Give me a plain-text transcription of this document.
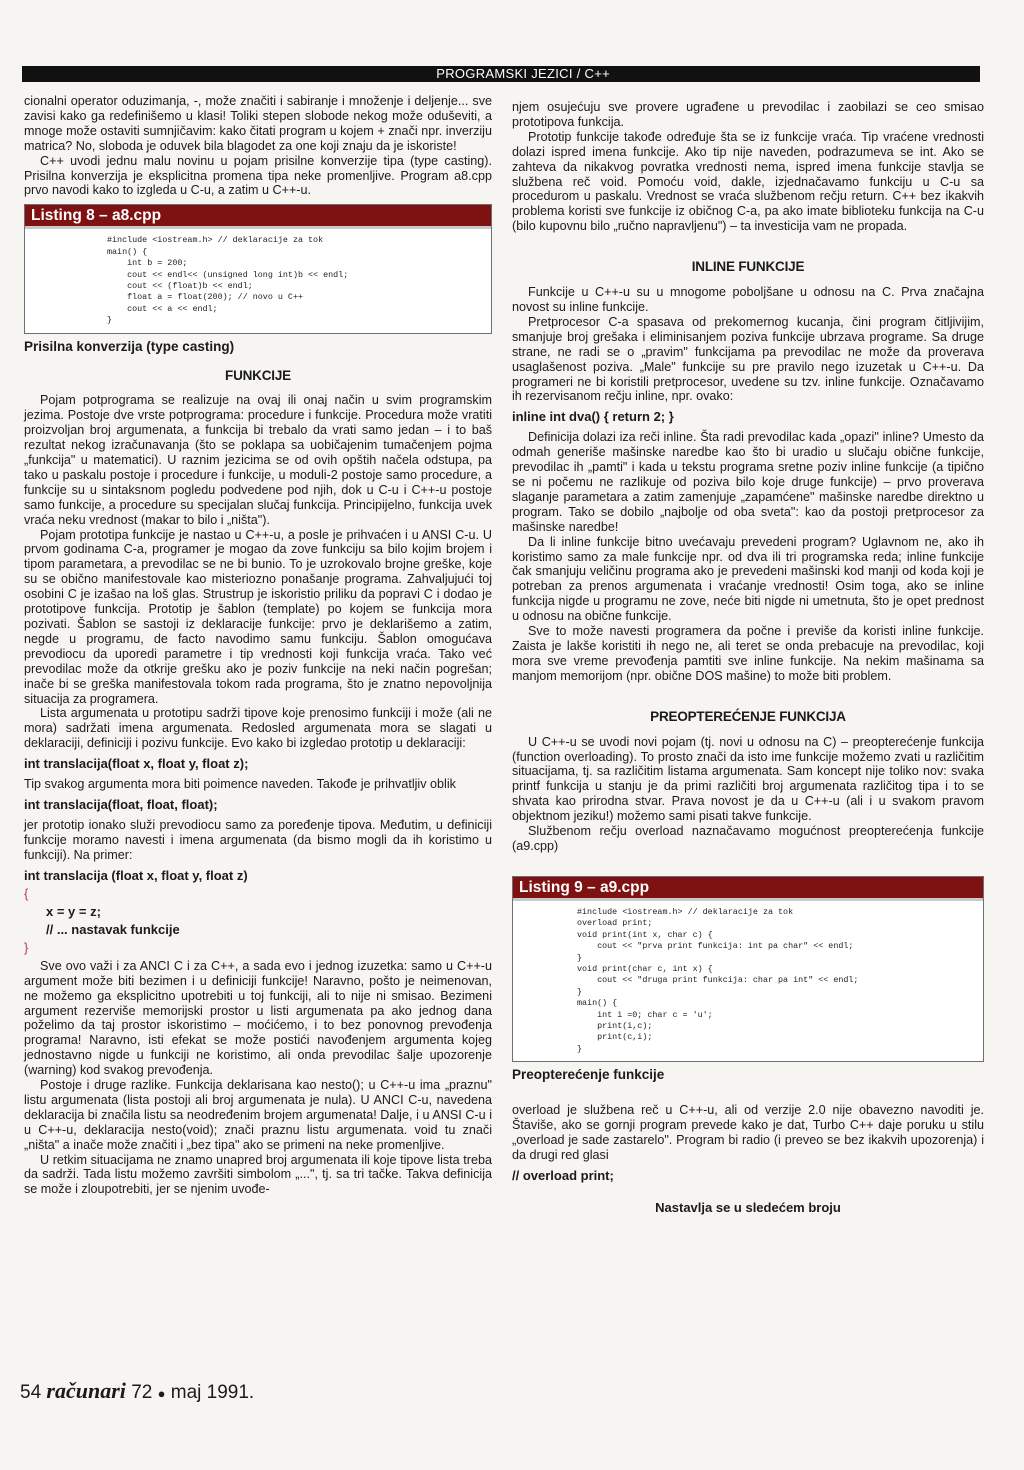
PROGRAMSKI JEZICI / C++

cionalni operator oduzimanja, -, može značiti i sabiranje i množenje i deljenje... sve zavisi kako ga redefinišemo u klasi! Toliki stepen slobode nekog može oduševiti, a mnoge može ostaviti sumnjičavim: kako čitati program u kojem + znači npr. inverziju matrica? No, sloboda je oduvek bila blagodet za one koji znaju da je iskoriste!

C++ uvodi jednu malu novinu u pojam prisilne konverzije tipa (type casting). Prisilna konverzija je eksplicitna promena tipa neke promenljive. Program a8.cpp prvo navodi kako to izgleda u C-u, a zatim u C++-u.

Listing 8 – a8.cpp
#include <iostream.h> // deklaracije za tok
main() {
int b = 200;
cout << endl<< (unsigned long int)b << endl;
cout << (float)b << endl;
float a = float(200); // novo u C++
cout << a << endl;
}
Prisilna konverzija (type casting)
FUNKCIJE

Pojam potprograma se realizuje na ovaj ili onaj način u svim programskim jezima. Postoje dve vrste potprograma: procedure i funkcije. Procedura može vratiti proizvoljan broj argumenata, a funkcija bi trebalo da vrati samo jedan – i to baš rezultat nekog izračunavanja (što se poklapa sa uobičajenim tumačenjem pojma „funkcija" u matematici). U raznim jezicima se od ovih opštih načela odstupa, pa tako u paskalu postoje i procedure i funkcije, u moduli-2 postoje samo procedure, a funkcije su u sintaksnom pogledu podvedene pod njih, dok u C-u i C++-u postoje samo funkcije, a procedure su specijalan slučaj funkcija. Principijelno, funkcija uvek vraća neku vrednost (makar to bilo i „ništa").

Pojam prototipa funkcije je nastao u C++-u, a posle je prihvaćen i u ANSI C-u. U prvom godinama C-a, programer je mogao da zove funkciju sa bilo kojim brojem i tipom parametara, a prevodilac se ne bi bunio. To je uzrokovalo brojne greške, koje su se obično manifestovale kao misteriozno ponašanje programa. Zahvaljujući toj osobini C je izašao na loš glas. Strustrup je iskoristio priliku da popravi C i dodao je prototipove funkcija. Prototip je šablon (template) po kojem se funkcija mora pozivati. Šablon se sastoji iz deklaracije funkcije: prvo je deklarišemo a zatim, negde u programu, de facto navodimo samu funkciju. Šablon omogućava prevodiocu da uporedi parametre i tip vrednosti koji funkcija vraća. Tako već prevodilac može da otkrije grešku ako je poziv funkcije na neki način pogrešan; inače bi se greška manifestovala tokom rada programa, što je znatno nepovoljnija situacija za programera.

Lista argumenata u prototipu sadrži tipove koje prenosimo funkciji i može (ali ne mora) sadržati imena argumenata. Redosled argumenata mora se slagati u deklaraciji, definiciji i pozivu funkcije. Evo kako bi izgledao prototip u deklaraciji:

int translacija(float x, float y, float z);

Tip svakog argumenta mora biti poimence naveden. Takođe je prihvatljiv oblik

int translacija(float, float, float);

jer prototip ionako služi prevodiocu samo za poređenje tipova. Međutim, u definiciji funkcije moramo navesti i imena argumenata (da bismo mogli da ih koristimo u funkciji). Na primer:

int translacija (float x, float y, float z)
{
x = y = z;
// ... nastavak funkcije
}

Sve ovo važi i za ANCI C i za C++, a sada evo i jednog izuzetka: samo u C++-u argument može biti bezimen i u definiciji funkcije! Naravno, pošto je neimenovan, ne možemo ga eksplicitno upotrebiti u toj funkciji, ali to nije ni smisao. Bezimeni argument rezerviše memorijski prostor u listi argumenata pa ako jednog dana poželimo da taj prostor iskoristimo – moćićemo, i to bez ponovnog prevođenja programa! Naravno, isti efekat se može postići navođenjem argumenta kojeg jednostavno nigde u funkciji ne koristimo, ali onda prevodilac šalje upozorenje (warning) kod svakog prevođenja.

Postoje i druge razlike. Funkcija deklarisana kao nesto(); u C++-u ima „praznu" listu argumenata (lista postoji ali broj argumenata je nula). U ANCI C-u, navedena deklaracija bi značila listu sa neodređenim brojem argumenata! Dalje, i u ANSI C-u i u C++-u, deklaracija nesto(void); znači praznu listu argumenata. void tu znači „ništa" a inače može značiti i „bez tipa" ako se primeni na neke promenljive.

U retkim situacijama ne znamo unapred broj argumenata ili koje tipove lista treba da sadrži. Tada listu možemo završiti simbolom „...", tj. sa tri tačke. Takva definicija se može i zloupotrebiti, jer se njenim uvođe-

njem osujećuju sve provere ugrađene u prevodilac i zaobilazi se ceo smisao prototipova funkcija.

Prototip funkcije takođe određuje šta se iz funkcije vraća. Tip vraćene vrednosti dolazi ispred imena funkcije. Ako tip nije naveden, podrazumeva se int. Ako se zahteva da nikakvog povratka vrednosti nema, ispred imena funkcije stavlja se službena reč void. Pomoću void, dakle, izjednačavamo funkciju u C-u sa procedurom u paskalu. Vrednost se vraća službenom rečju return. C++ bez ikakvih problema koristi sve funkcije iz običnog C-a, pa ako imate biblioteku funkcija na C-u (bilo kupovnu bilo „ručno napravljenu") – ta investicija vam ne propada.

INLINE FUNKCIJE

Funkcije u C++-u su u mnogome poboljšane u odnosu na C. Prva značajna novost su inline funkcije.

Pretprocesor C-a spasava od prekomernog kucanja, čini program čitljivijim, smanjuje broj grešaka i eliminisanjem poziva funkcije ubrzava programe. Sa druge strane, ne radi se o „pravim" funkcijama pa prevodilac ne može da proverava usaglašenost poziva. „Male" funkcije su pre pravilo nego izuzetak u C++-u. Da programeri ne bi koristili pretprocesor, uvedene su tzv. inline funkcije. Označavamo ih rezervisanom rečju inline, npr. ovako:

inline int dva() { return 2; }

Definicija dolazi iza reči inline. Šta radi prevodilac kada „opazi" inline? Umesto da odmah generiše mašinske naredbe kao što bi uradio u slučaju obične funkcije, prevodilac ih „pamti" i kada u tekstu programa sretne poziv inline funkcije (a tipično se ni počemu ne razlikuje od poziva bilo koje druge funkcije) – prvo proverava slaganje parametara a zatim zamenjuje „zapamćene" mašinske naredbe direktno u program. Tako se dobilo „najbolje od oba sveta": kao da postoji pretprocesor za mašinske naredbe!

Da li inline funkcije bitno uvećavaju prevedeni program? Uglavnom ne, ako ih koristimo samo za male funkcije npr. od dva ili tri programska reda; inline funkcije čak smanjuju veličinu programa ako je prevedeni mašinski kod manji od koda koji je potreban za prenos argumenata i vraćanje vrednosti! Osim toga, ako se inline funkcija nigde u programu ne zove, neće biti nigde ni umetnuta, što je opet prednost u odnosu na obične funkcije.

Sve to može navesti programera da počne i previše da koristi inline funkcije. Zaista je lakše koristiti ih nego ne, ali teret se onda prebacuje na prevodilac, koji mora sve vreme prevođenja pamtiti sve inline funkcije. Na nekim mašinama sa manjom memorijom (npr. obične DOS mašine) to može biti problem.

PREOPTEREĆENJE FUNKCIJA

U C++-u se uvodi novi pojam (tj. novi u odnosu na C) – preopterećenje funkcija (function overloading). To prosto znači da isto ime funkcije možemo zvati u različitim situacijama, tj. sa različitim listama argumenata. Sam koncept nije toliko nov: svaka printf funkcija u stanju je da primi različiti broj argumenata različitog tipa i to se shvata kao prirodna stvar. Prava novost je da u C++-u (ali i u svakom pravom objektnom jeziku!) možemo sami pisati takve funkcije.

Službenom rečju overload naznačavamo mogućnost preopterećenja funkcije (a9.cpp)

Listing 9 – a9.cpp
#include <iostream.h> // deklaracije za tok
overload print;
void print(int x, char c) {
cout << "prva print funkcija: int pa char" << endl;
}
void print(char c, int x) {
cout << "druga print funkcija: char pa int" << endl;
}
main() {
int i =0; char c = 'u';
print(i,c);
print(c,i);
}
Preopterećenje funkcije

overload je službena reč u C++-u, ali od verzije 2.0 nije obavezno navoditi je. Štaviše, ako se gornji program prevede kako je dat, Turbo C++ daje poruku u stilu „overload je sade zastarelo". Program bi radio (i preveo se bez ikakvih upozorenja) i da drugi red glasi

// overload print;
Nastavlja se u sledećem broju
54 računari 72 ● maj 1991.
